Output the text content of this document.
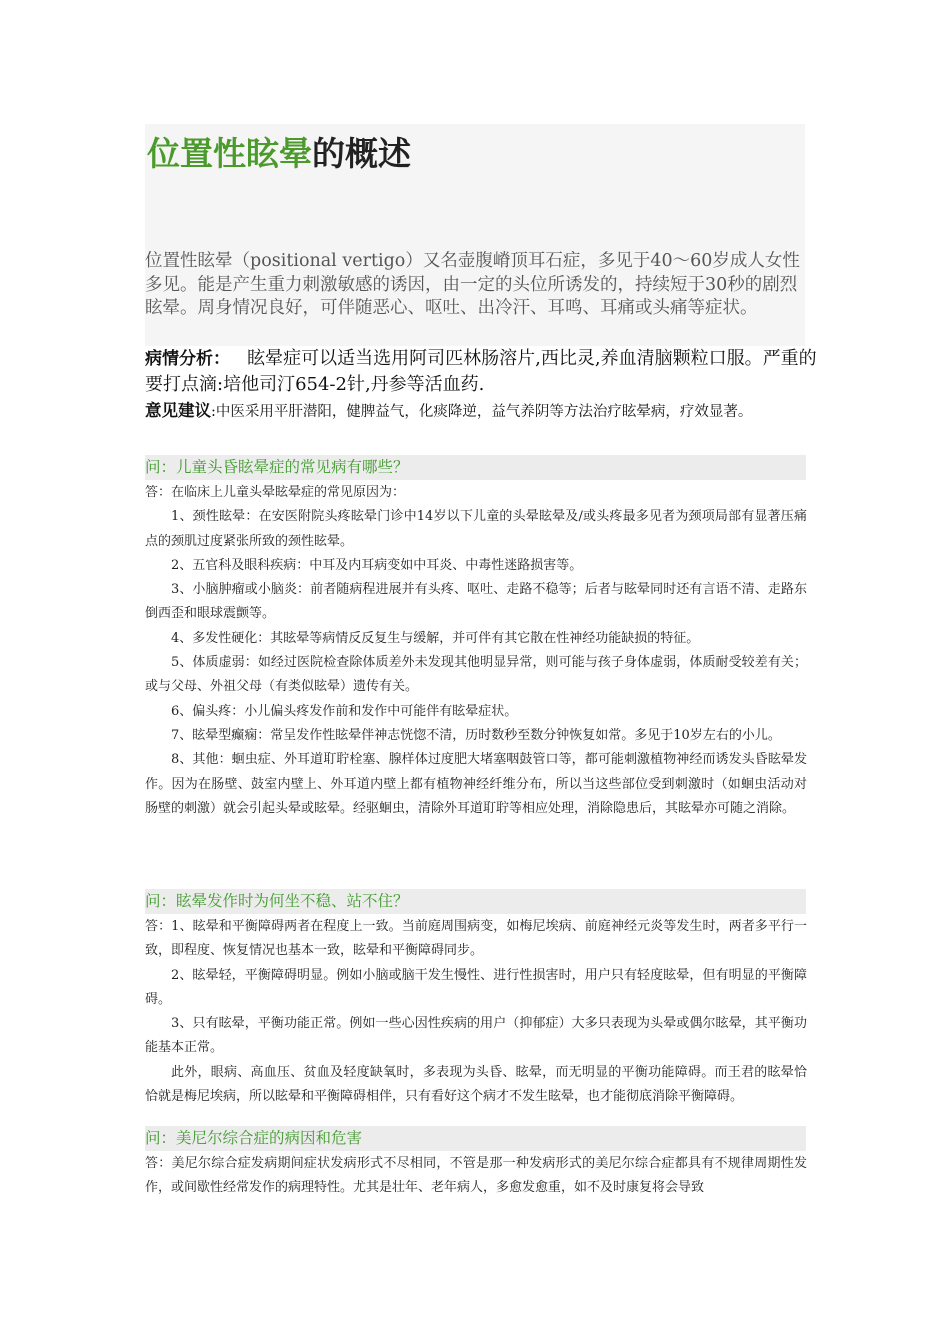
位置性眩晕的概述

位置性眩晕（positional vertigo）又名壶腹嵴顶耳石症，多见于40～60岁成人女性多见。能是产生重力刺激敏感的诱因，由一定的头位所诱发的，持续短于30秒的剧烈眩晕。周身情况良好，可伴随恶心、呕吐、出冷汗、耳鸣、耳痛或头痛等症状。

病情分析： 眩晕症可以适当选用阿司匹林肠溶片,西比灵,养血清脑颗粒口服。严重的要打点滴:培他司汀654-2针,丹参等活血药.

意见建议:中医采用平肝潜阳，健脾益气，化痰降逆，益气养阴等方法治疗眩晕病，疗效显著。

问：儿童头昏眩晕症的常见病有哪些？

答：在临床上儿童头晕眩晕症的常见原因为：

1、颈性眩晕：在安医附院头疼眩晕门诊中14岁以下儿童的头晕眩晕及/或头疼最多见者为颈项局部有显著压痛点的颈肌过度紧张所致的颈性眩晕。

2、五官科及眼科疾病：中耳及内耳病变如中耳炎、中毒性迷路损害等。

3、小脑肿瘤或小脑炎：前者随病程进展并有头疼、呕吐、走路不稳等；后者与眩晕同时还有言语不清、走路东倒西歪和眼球震颤等。

4、多发性硬化：其眩晕等病情反反复生与缓解，并可伴有其它散在性神经功能缺损的特征。

5、体质虚弱：如经过医院检查除体质差外未发现其他明显异常，则可能与孩子身体虚弱，体质耐受较差有关；或与父母、外祖父母（有类似眩晕）遗传有关。

6、偏头疼：小儿偏头疼发作前和发作中可能伴有眩晕症状。

7、眩晕型癫痫：常呈发作性眩晕伴神志恍惚不清，历时数秒至数分钟恢复如常。多见于10岁左右的小儿。

8、其他：蛔虫症、外耳道耵聍栓塞、腺样体过度肥大堵塞咽鼓管口等，都可能刺激植物神经而诱发头昏眩晕发作。因为在肠壁、鼓室内壁上、外耳道内壁上都有植物神经纤维分布，所以当这些部位受到刺激时（如蛔虫活动对肠壁的刺激）就会引起头晕或眩晕。经驱蛔虫，清除外耳道耵聍等相应处理，消除隐患后，其眩晕亦可随之消除。

问：眩晕发作时为何坐不稳、站不住？

答：1、眩晕和平衡障碍两者在程度上一致。当前庭周围病变，如梅尼埃病、前庭神经元炎等发生时，两者多平行一致，即程度、恢复情况也基本一致，眩晕和平衡障碍同步。

2、眩晕轻，平衡障碍明显。例如小脑或脑干发生慢性、进行性损害时，用户只有轻度眩晕，但有明显的平衡障碍。

3、只有眩晕，平衡功能正常。例如一些心因性疾病的用户（抑郁症）大多只表现为头晕或偶尔眩晕，其平衡功能基本正常。

此外，眼病、高血压、贫血及轻度缺氧时，多表现为头昏、眩晕，而无明显的平衡功能障碍。而王君的眩晕恰恰就是梅尼埃病，所以眩晕和平衡障碍相伴，只有看好这个病才不发生眩晕，也才能彻底消除平衡障碍。

问：美尼尔综合症的病因和危害

答：美尼尔综合症发病期间症状发病形式不尽相同，不管是那一种发病形式的美尼尔综合症都具有不规律周期性发作，或间歇性经常发作的病理特性。尤其是壮年、老年病人，多愈发愈重，如不及时康复将会导致
